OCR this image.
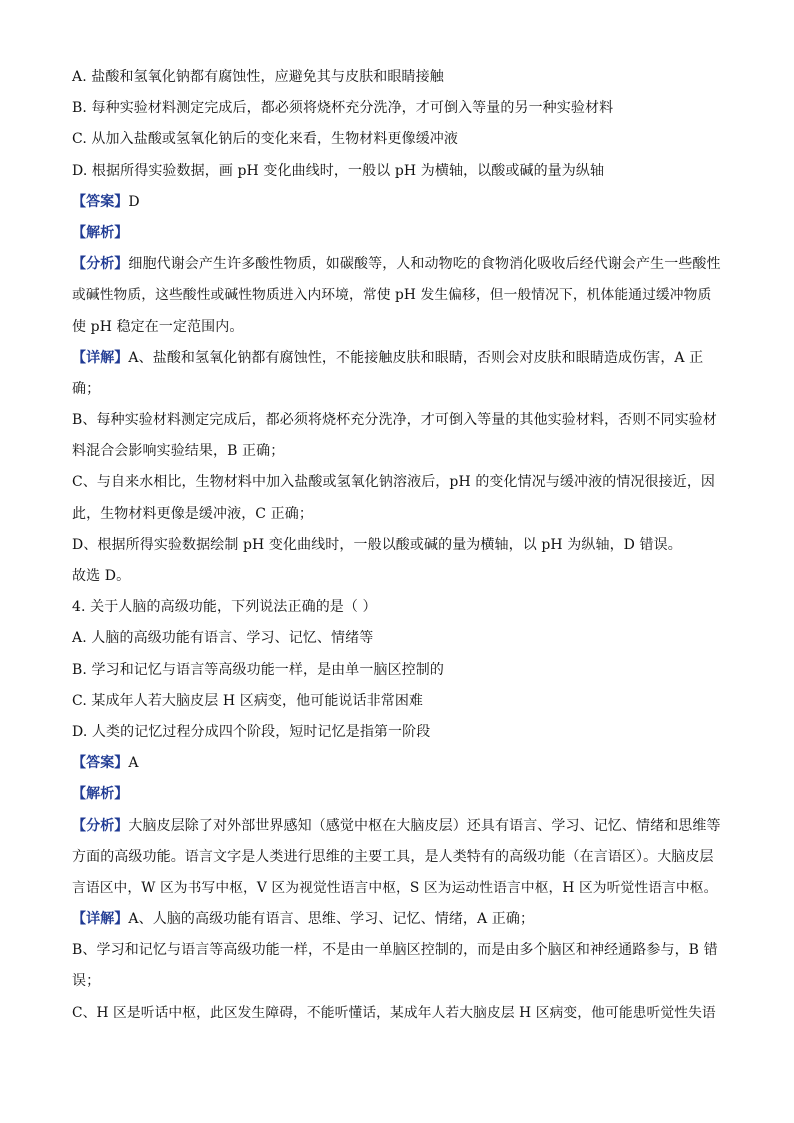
A. 盐酸和氢氧化钠都有腐蚀性，应避免其与皮肤和眼睛接触
B. 每种实验材料测定完成后，都必须将烧杯充分洗净，才可倒入等量的另一种实验材料
C. 从加入盐酸或氢氧化钠后的变化来看，生物材料更像缓冲液
D. 根据所得实验数据，画 pH 变化曲线时，一般以 pH 为横轴，以酸或碱的量为纵轴
【答案】D
【解析】
【分析】细胞代谢会产生许多酸性物质，如碳酸等，人和动物吃的食物消化吸收后经代谢会产生一些酸性
或碱性物质，这些酸性或碱性物质进入内环境，常使 pH 发生偏移，但一般情况下，机体能通过缓冲物质
使 pH 稳定在一定范围内。
【详解】A、盐酸和氢氧化钠都有腐蚀性，不能接触皮肤和眼睛，否则会对皮肤和眼睛造成伤害，A 正
确；
B、每种实验材料测定完成后，都必须将烧杯充分洗净，才可倒入等量的其他实验材料，否则不同实验材
料混合会影响实验结果，B 正确；
C、与自来水相比，生物材料中加入盐酸或氢氧化钠溶液后，pH 的变化情况与缓冲液的情况很接近，因
此，生物材料更像是缓冲液，C 正确；
D、根据所得实验数据绘制 pH 变化曲线时，一般以酸或碱的量为横轴，以 pH 为纵轴，D 错误。
故选 D。
4. 关于人脑的高级功能，下列说法正确的是（ ）
A. 人脑的高级功能有语言、学习、记忆、情绪等
B. 学习和记忆与语言等高级功能一样，是由单一脑区控制的
C. 某成年人若大脑皮层 H 区病变，他可能说话非常困难
D. 人类的记忆过程分成四个阶段，短时记忆是指第一阶段
【答案】A
【解析】
【分析】大脑皮层除了对外部世界感知（感觉中枢在大脑皮层）还具有语言、学习、记忆、情绪和思维等
方面的高级功能。语言文字是人类进行思维的主要工具，是人类特有的高级功能（在言语区）。大脑皮层
言语区中，W 区为书写中枢，V 区为视觉性语言中枢，S 区为运动性语言中枢，H 区为听觉性语言中枢。
【详解】A、人脑的高级功能有语言、思维、学习、记忆、情绪，A 正确；
B、学习和记忆与语言等高级功能一样，不是由一单脑区控制的，而是由多个脑区和神经通路参与，B 错
误；
C、H 区是听话中枢，此区发生障碍，不能听懂话，某成年人若大脑皮层 H 区病变，他可能患听觉性失语
